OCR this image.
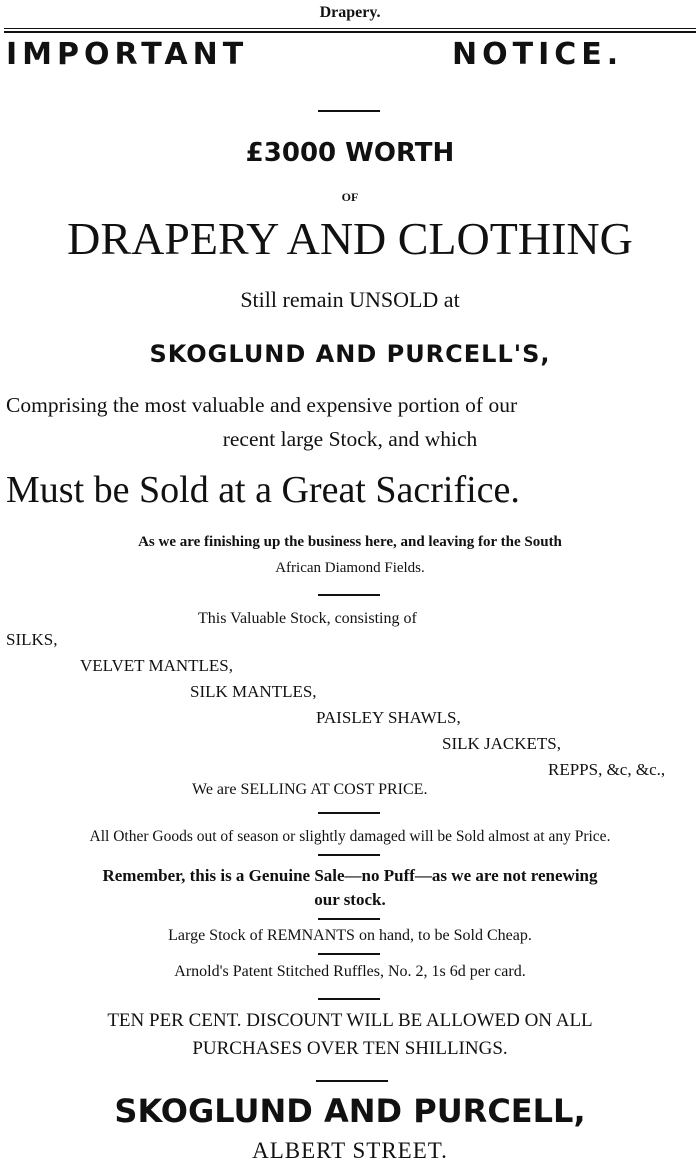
Drapery.
IMPORTANT	NOTICE.
£3000 WORTH
OF
DRAPERY AND CLOTHING
Still remain UNSOLD at
SKOGLUND AND PURCELL'S,
Comprising the most valuable and expensive portion of our
recent large Stock, and which
Must be Sold at a Great Sacrifice.
As we are finishing up the business here, and leaving for the South
African Diamond Fields.
This Valuable Stock, consisting of
SILKS,
VELVET MANTLES,
SILK MANTLES,
PAISLEY SHAWLS,
SILK JACKETS,
REPPS, &c, &c.,
We are SELLING AT COST PRICE.
All Other Goods out of season or slightly damaged will be Sold almost at any Price.
Remember, this is a Genuine Sale—no Puff—as we are not renewing
our stock.
Large Stock of REMNANTS on hand, to be Sold Cheap.
Arnold's Patent Stitched Ruffles, No. 2, 1s 6d per card.
TEN PER CENT. DISCOUNT WILL BE ALLOWED ON ALL
PURCHASES OVER TEN SHILLINGS.
SKOGLUND AND PURCELL,
ALBERT STREET.
